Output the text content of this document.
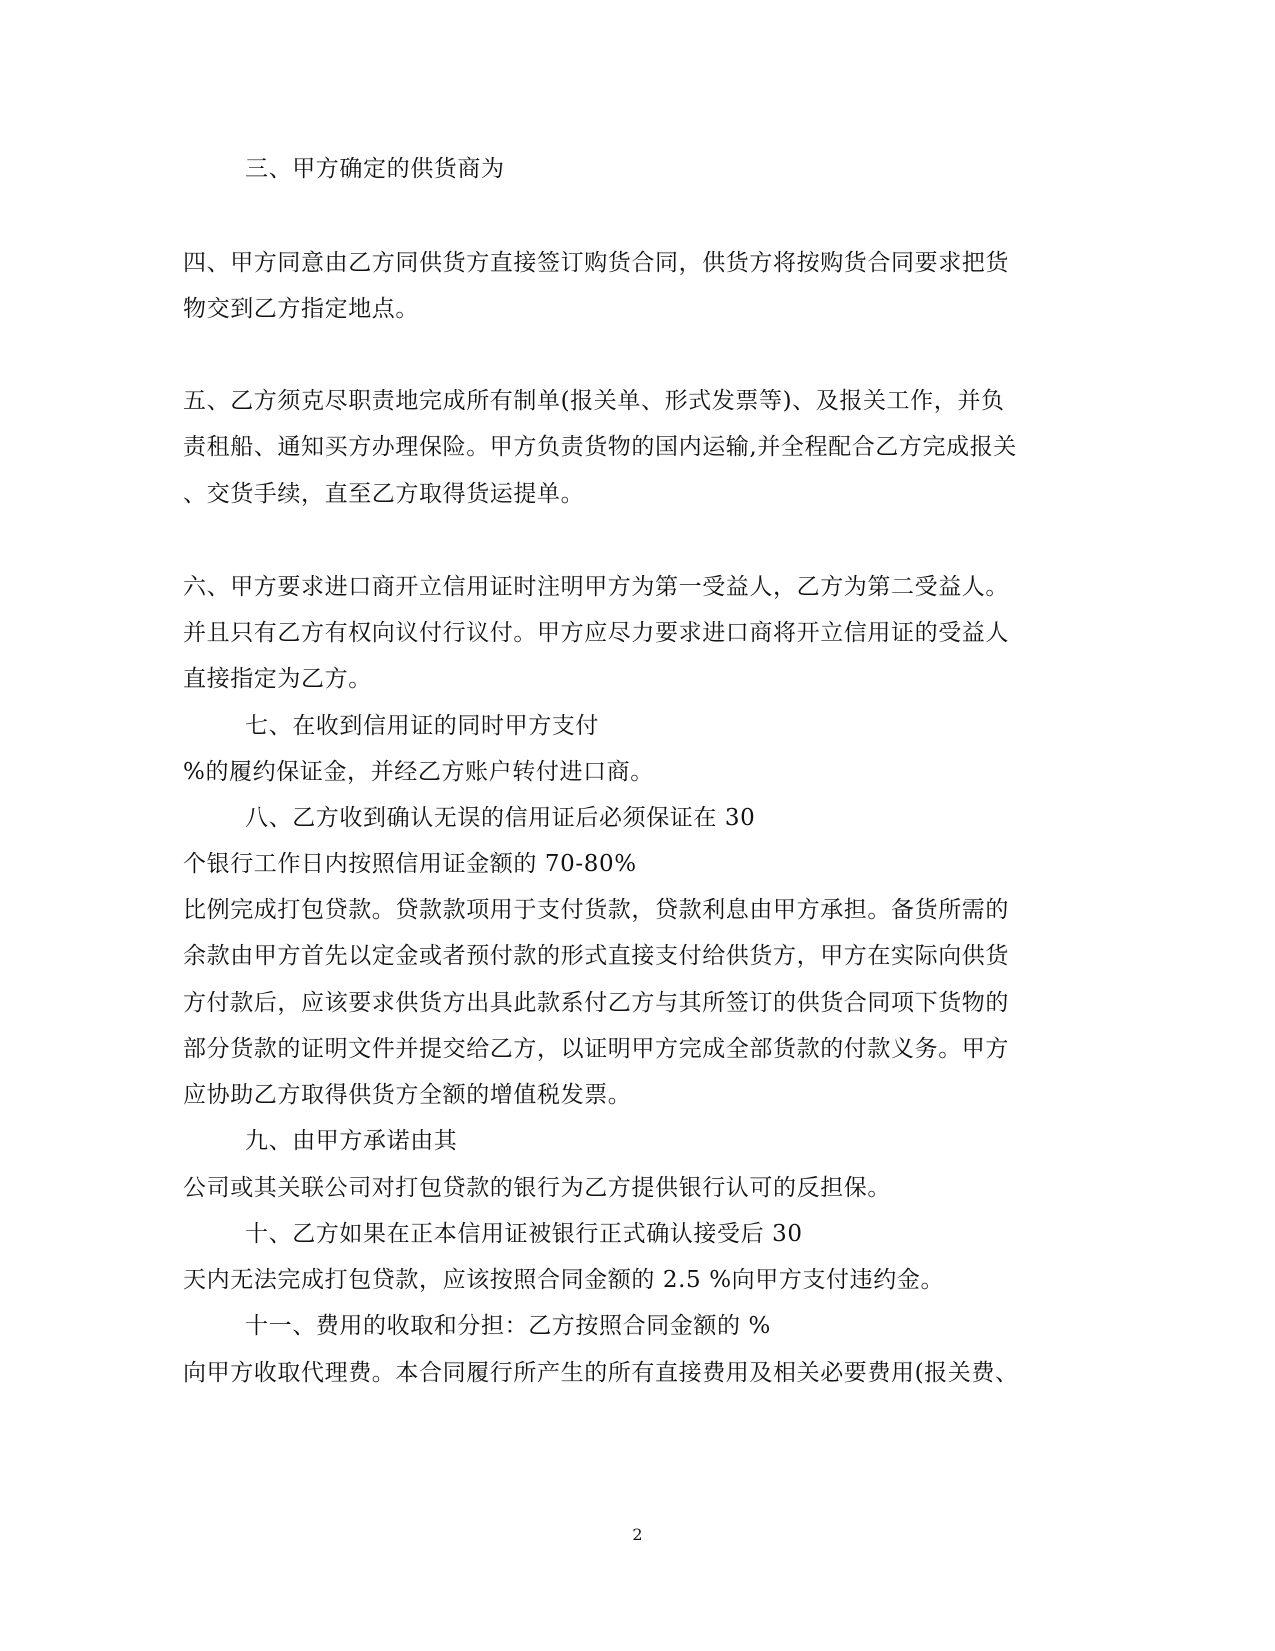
三、甲方确定的供货商为
四、甲方同意由乙方同供货方直接签订购货合同，供货方将按购货合同要求把货
物交到乙方指定地点。
五、乙方须克尽职责地完成所有制单(报关单、形式发票等)、及报关工作，并负
责租船、通知买方办理保险。甲方负责货物的国内运输,并全程配合乙方完成报关
、交货手续，直至乙方取得货运提单。
六、甲方要求进口商开立信用证时注明甲方为第一受益人，乙方为第二受益人。
并且只有乙方有权向议付行议付。甲方应尽力要求进口商将开立信用证的受益人
直接指定为乙方。
七、在收到信用证的同时甲方支付
%的履约保证金，并经乙方账户转付进口商。
八、乙方收到确认无误的信用证后必须保证在 30
个银行工作日内按照信用证金额的 70-80%
比例完成打包贷款。贷款款项用于支付货款，贷款利息由甲方承担。备货所需的
余款由甲方首先以定金或者预付款的形式直接支付给供货方，甲方在实际向供货
方付款后，应该要求供货方出具此款系付乙方与其所签订的供货合同项下货物的
部分货款的证明文件并提交给乙方，以证明甲方完成全部货款的付款义务。甲方
应协助乙方取得供货方全额的增值税发票。
九、由甲方承诺由其
公司或其关联公司对打包贷款的银行为乙方提供银行认可的反担保。
十、乙方如果在正本信用证被银行正式确认接受后 30
天内无法完成打包贷款，应该按照合同金额的 2.5 %向甲方支付违约金。
十一、费用的收取和分担：乙方按照合同金额的 %
向甲方收取代理费。本合同履行所产生的所有直接费用及相关必要费用(报关费、
2
